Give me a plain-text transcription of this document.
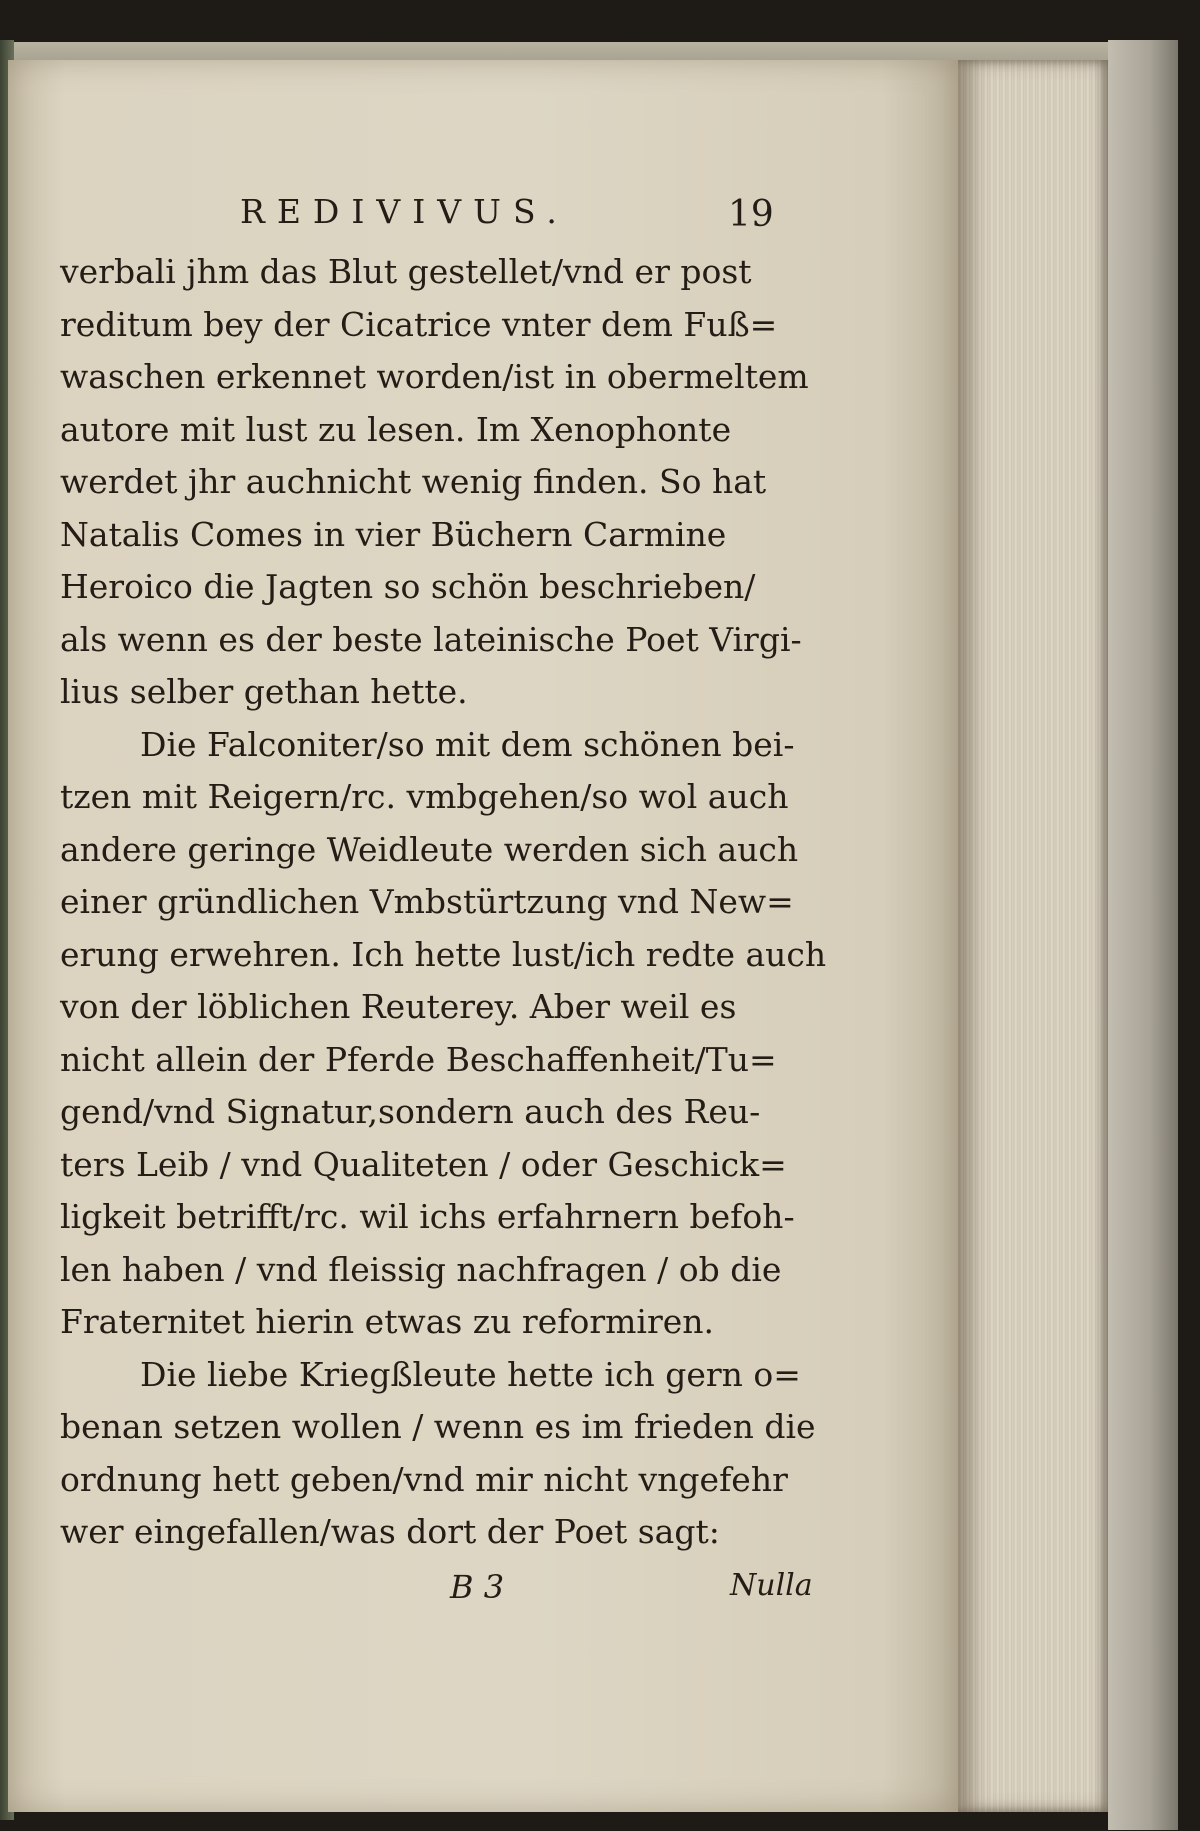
REDIVIVUS.	19
verbali jhm das Blut gestellet/vnd er post
reditum bey der Cicatrice vnter dem Fuß=
waschen erkennet worden/ist in obermeltem
autore mit lust zu lesen. Im Xenophonte
werdet jhr auchnicht wenig finden. So hat
Natalis Comes in vier Büchern Carmine
Heroico die Jagten so schön beschrieben/
als wenn es der beste lateinische Poet Virgi-
lius selber gethan hette.
Die Falconiter/so mit dem schönen bei-
tzen mit Reigern/rc. vmbgehen/so wol auch
andere geringe Weidleute werden sich auch
einer gründlichen Vmbstürtzung vnd New=
erung erwehren. Ich hette lust/ich redte auch
von der löblichen Reuterey. Aber weil es
nicht allein der Pferde Beschaffenheit/Tu=
gend/vnd Signatur,sondern auch des Reu-
ters Leib / vnd Qualiteten / oder Geschick=
ligkeit betrifft/rc. wil ichs erfahrnern befoh-
len haben / vnd fleissig nachfragen / ob die
Fraternitet hierin etwas zu reformiren.
Die liebe Kriegßleute hette ich gern o=
benan setzen wollen / wenn es im frieden die
ordnung hett geben/vnd mir nicht vngefehr
wer eingefallen/was dort der Poet sagt:
B 3	Nulla
